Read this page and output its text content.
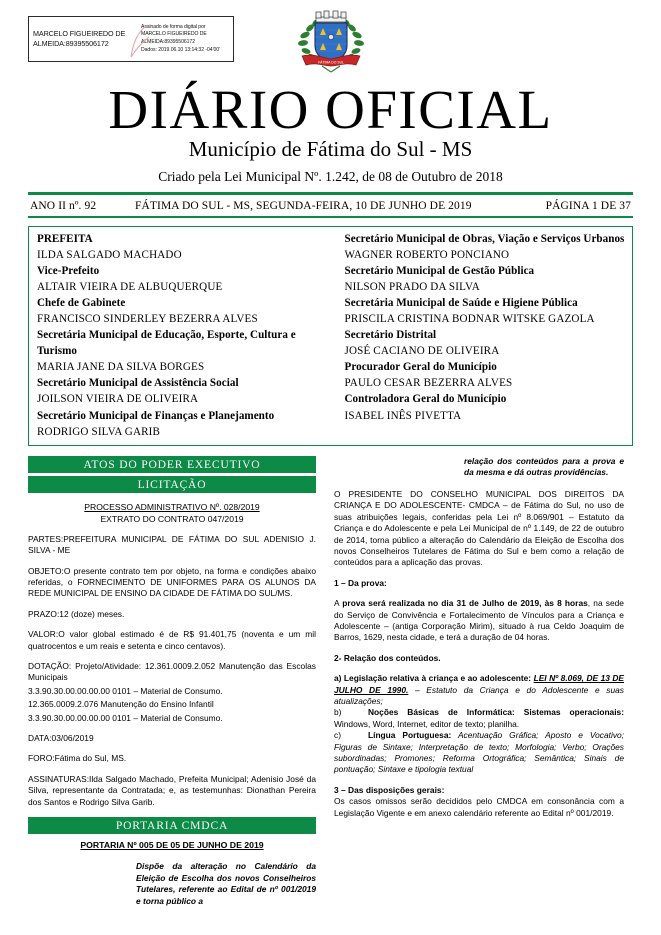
MARCELO FIGUEIREDO DE
ALMEIDA:89395506172
Assinado de forma digital por
MARCELO FIGUEIREDO DE
ALMEIDA:89395506172
Dados: 2019.06.10 13:14:32 -04'00'
FÁTIMA DO SUL
DIÁRIO OFICIAL
Município de Fátima do Sul - MS
Criado pela Lei Municipal Nº. 1.242, de 08 de Outubro de 2018
ANO II nº. 92	FÁTIMA DO SUL - MS, SEGUNDA-FEIRA, 10 DE JUNHO DE 2019	PÁGINA 1 DE 37
PREFEITA
ILDA SALGADO MACHADO
Vice-Prefeito
ALTAIR VIEIRA DE ALBUQUERQUE
Chefe de Gabinete
FRANCISCO SINDERLEY BEZERRA ALVES
Secretária Municipal de Educação, Esporte, Cultura e Turismo
MARIA JANE DA SILVA BORGES
Secretário Municipal de Assistência Social
JOILSON VIEIRA DE OLIVEIRA
Secretário Municipal de Finanças e Planejamento
RODRIGO SILVA GARIB
Secretário Municipal de Obras, Viação e Serviços Urbanos
WAGNER ROBERTO PONCIANO
Secretário Municipal de Gestão Pública
NILSON PRADO DA SILVA
Secretária Municipal de Saúde e Higiene Pública
PRISCILA CRISTINA BODNAR WITSKE GAZOLA
Secretário Distrital
JOSÉ CACIANO DE OLIVEIRA
Procurador Geral do Município
PAULO CESAR BEZERRA ALVES
Controladora Geral do Município
ISABEL INÊS PIVETTA
ATOS DO PODER EXECUTIVO
LICITAÇÃO
PROCESSO ADMINISTRATIVO Nº. 028/2019
EXTRATO DO CONTRATO 047/2019
PARTES:PREFEITURA MUNICIPAL DE FÁTIMA DO SUL ADENISIO J. SILVA - ME
OBJETO:O presente contrato tem por objeto, na forma e condições abaixo referidas, o FORNECIMENTO DE UNIFORMES PARA OS ALUNOS DA REDE MUNICIPAL DE ENSINO DA CIDADE DE FÁTIMA DO SUL/MS.
PRAZO:12 (doze) meses.
VALOR:O valor global estimado é de R$ 91.401,75 (noventa e um mil quatrocentos e um reais e setenta e cinco centavos).
DOTAÇÃO: Projeto/Atividade: 12.361.0009.2.052 Manutenção das Escolas Municipais
3.3.90.30.00.00.00.00 0101 – Material de Consumo.
12.365.0009.2.076 Manutenção do Ensino Infantil
3.3.90.30.00.00.00.00 0101 – Material de Consumo.
DATA:03/06/2019
FORO:Fátima do Sul, MS.
ASSINATURAS:Ilda Salgado Machado, Prefeita Municipal; Adenisio José da Silva, representante da Contratada; e, as testemunhas: Dionathan Pereira dos Santos e Rodrigo Silva Garib.
PORTARIA CMDCA
PORTARIA Nº 005 DE 05 DE JUNHO DE 2019
Dispõe da alteração no Calendário da Eleição de Escolha dos novos Conselheiros Tutelares, referente ao Edital de nº 001/2019 e torna público a
relação dos conteúdos para a prova e da mesma e dá outras providências.
O PRESIDENTE DO CONSELHO MUNICIPAL DOS DIREITOS DA CRIANÇA E DO ADOLESCENTE- CMDCA – de Fátima do Sul, no uso de suas atribuições legais, conferidas pela Lei nº 8.069/901 – Estatuto da Criança e do Adolescente e pela Lei Municipal de nº 1.149, de 22 de outubro de 2014, torna público a alteração do Calendário da Eleição de Escolha dos novos Conselheiros Tutelares de Fátima do Sul e bem como a relação de conteúdos para a aplicação das provas.
1 – Da prova:
A prova será realizada no dia 31 de Julho de 2019, às 8 horas, na sede do Serviço de Convivência e Fortalecimento de Vínculos para a Criança e Adolescente – (antiga Corporação Mirim), situado à rua Celdo Joaquim de Barros, 1629, nesta cidade, e terá a duração de 04 horas.
2- Relação dos conteúdos.
a) Legislação relativa à criança e ao adolescente: LEI Nº 8.069, DE 13 DE JULHO DE 1990. – Estatuto da Criança e do Adolescente e suas atualizações;
b)	Noções Básicas de Informática: Sistemas operacionais: Windows, Word, Internet, editor de texto; planilha.
c)	Língua Portuguesa: Acentuação Gráfica; Aposto e Vocativo; Figuras de Sintaxe; Interpretação de texto; Morfologia; Verbo; Orações subordinadas; Promones; Reforma Ortográfica; Semântica; Sinais de pontuação; Sintaxe e tipologia textual
3 – Das disposições gerais:
Os casos omissos serão decididos pelo CMDCA em consonância com a Legislação Vigente e em anexo calendário referente ao Edital nº 001/2019.
